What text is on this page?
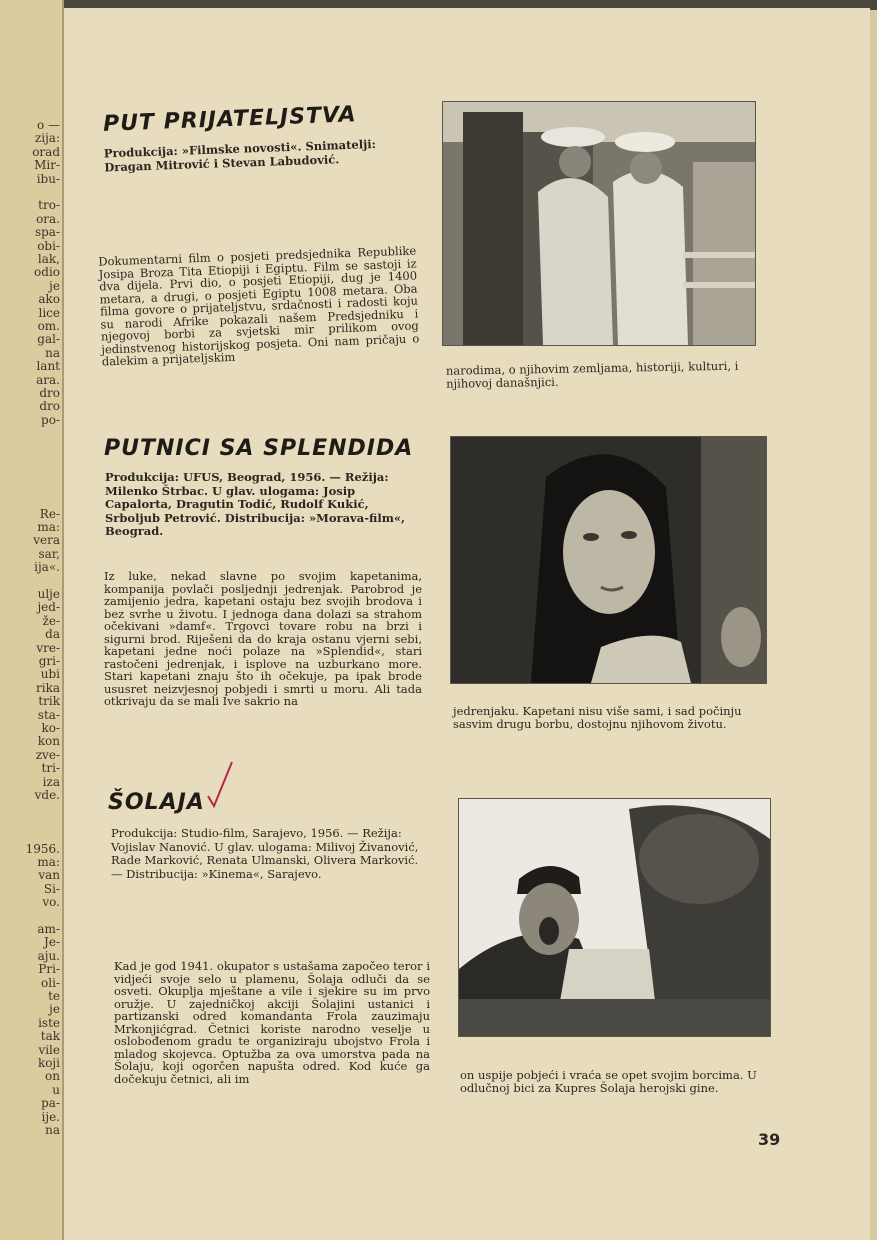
o —
zija:
orad
Mir-
ibu-
tro-
ora.
spa-
obi-
lak,
odio
je
ako
lice
om.
gal-
na
lant
ara.
dro
dro
po-
Re-
ma:
vera
sar,
ija«.
ulje
jed-
že-
da
vre-
gri-
ubi
rika
trik
sta-
ko-
kon
zve-
tri-
iza
vde.
1956.
ma:
van
Si-
vo.
am-
Je-
aju.
Pri-
oli-
te
je
iste
tak
vile
koji
on
u
pa-
ije.
na
PUT PRIJATELJSTVA
Produkcija: »Filmske novosti«. Snimatelji: Dragan Mitrović i Stevan Labudović.
Dokumentarni film o posjeti predsjednika Republike Josipa Broza Tita Etiopiji i Egiptu. Film se sastoji iz dva dijela. Prvi dio, o posjeti Etiopiji, dug je 1400 metara, a drugi, o posjeti Egiptu 1008 metara. Oba filma govore o prijateljstvu, srdačnosti i radosti koju su narodi Afrike pokazali našem Predsjedniku i njegovoj borbi za svjetski mir prilikom ovog jedinstvenog historijskog posjeta. Oni nam pričaju o dalekim a prijateljskim	narodima, o njihovim zemljama, historiji, kulturi, i njihovoj današnjici.
PUTNICI SA SPLENDIDA
Produkcija: UFUS, Beograd, 1956. — Režija: Milenko Štrbac. U glav. ulogama: Josip Capalorta, Dragutin Todić, Rudolf Kukić, Srboljub Petrović. Distribucija: »Morava-film«, Beograd.
Iz luke, nekad slavne po svojim kapetanima, kompanija povlači posljednji jedrenjak. Parobrod je zamijenio jedra, kapetani ostaju bez svojih brodova i bez svrhe u životu. I jednoga dana dolazi sa strahom očekivani »damf«. Trgovci tovare robu na brzi i sigurni brod. Riješeni da do kraja ostanu vjerni sebi, kapetani jedne noći polaze na »Splendid«, stari rastočeni jedrenjak, i isplove na uzburkano more. Stari kapetani znaju što ih očekuje, pa ipak brode ususret neizvjesnoj pobjedi i smrti u moru. Ali tada otkrivaju da se mali Ive sakrio na
jedrenjaku. Kapetani nisu više sami, i sad počinju sasvim drugu borbu, dostojnu njihovom životu.
ŠOLAJA
Produkcija: Studio-film, Sarajevo, 1956. — Režija: Vojislav Nanović. U glav. ulogama: Milivoj Živanović, Rade Marković, Renata Ulmanski, Olivera Marković. — Distribucija: »Kinema«, Sarajevo.
Kad je god 1941. okupator s ustašama započeo teror i vidjeći svoje selo u plamenu, Šolaja odluči da se osveti. Okuplja mještane a vile i sjekire su im prvo oružje. U zajedničkoj akciji Šolajini ustanici i partizanski odred komandanta Frola zauzimaju Mrkonjićgrad. Četnici koriste narodno veselje u oslobođenom gradu te organiziraju ubojstvo Frola i mladog skojevca. Optužba za ova umorstva pada na Šolaju, koji ogorčen napušta odred. Kod kuće ga dočekuju četnici, ali im	on uspije pobjeći i vraća se opet svojim borcima. U odlučnoj bici za Kupres Šolaja herojski gine.
39
